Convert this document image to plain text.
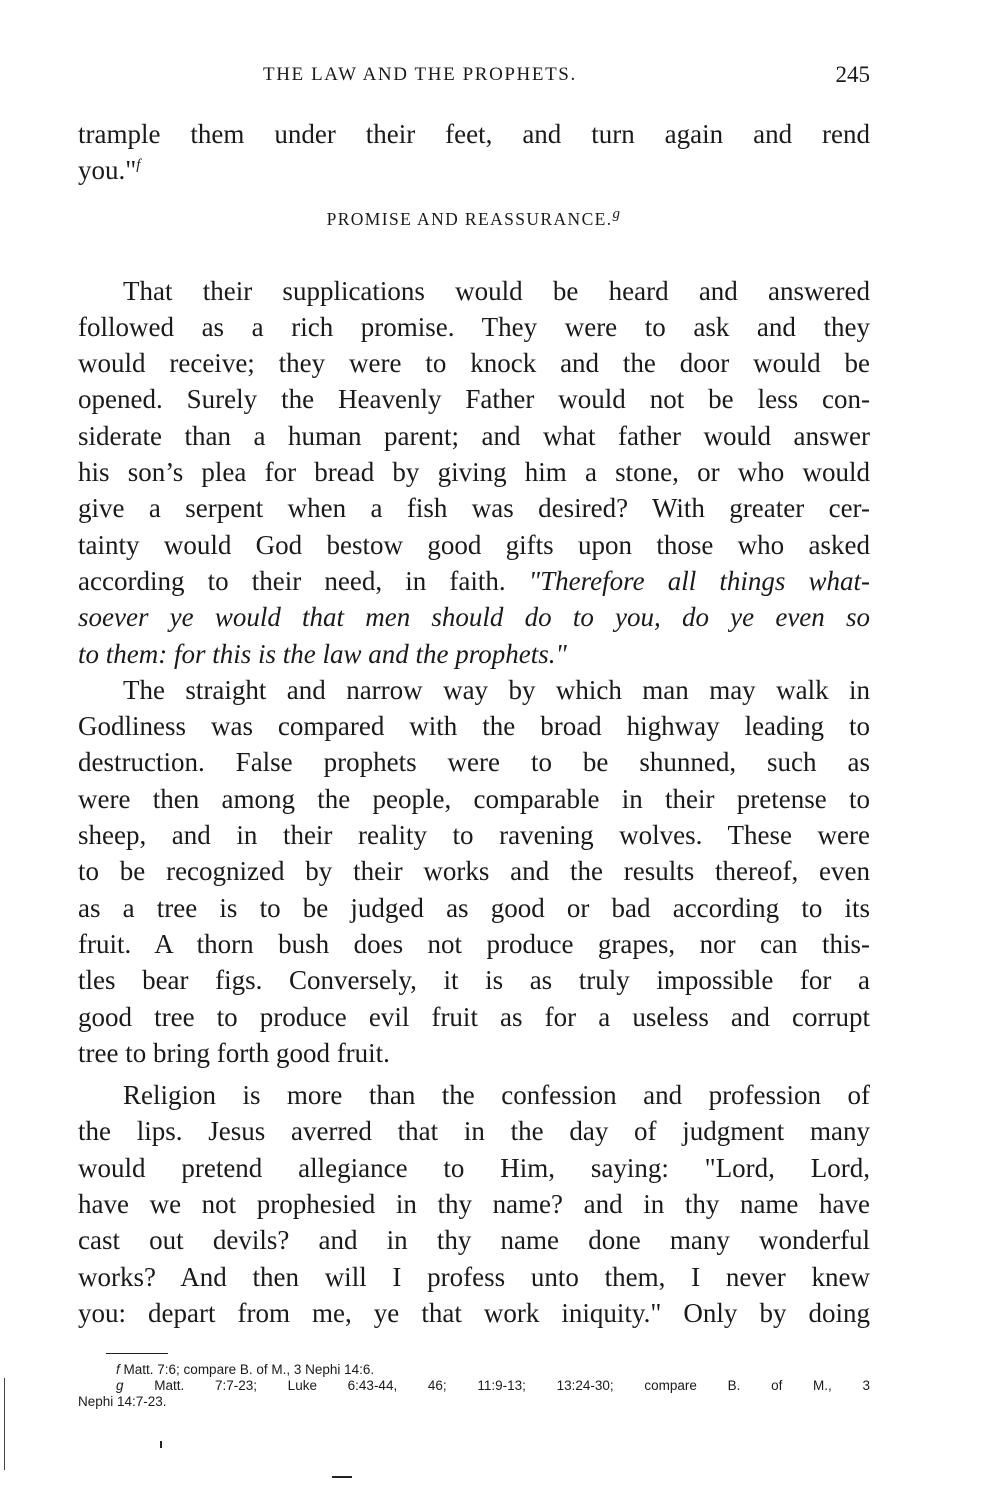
THE LAW AND THE PROPHETS.	245
trample them under their feet, and turn again and rend
you."$^f$
PROMISE AND REASSURANCE.g
That their supplications would be heard and answered
followed as a rich promise. They were to ask and they
would receive; they were to knock and the door would be
opened. Surely the Heavenly Father would not be less con-
siderate than a human parent; and what father would answer
his son’s plea for bread by giving him a stone, or who would
give a serpent when a fish was desired? With greater cer-
tainty would God bestow good gifts upon those who asked
according to their need, in faith. "Therefore all things what-
soever ye would that men should do to you, do ye even so
to them: for this is the law and the prophets."
The straight and narrow way by which man may walk in
Godliness was compared with the broad highway leading to
destruction. False prophets were to be shunned, such as
were then among the people, comparable in their pretense to
sheep, and in their reality to ravening wolves. These were
to be recognized by their works and the results thereof, even
as a tree is to be judged as good or bad according to its
fruit. A thorn bush does not produce grapes, nor can this-
tles bear figs. Conversely, it is as truly impossible for a
good tree to produce evil fruit as for a useless and corrupt
tree to bring forth good fruit.
Religion is more than the confession and profession of
the lips. Jesus averred that in the day of judgment many
would pretend allegiance to Him, saying: "Lord, Lord,
have we not prophesied in thy name? and in thy name have
cast out devils? and in thy name done many wonderful
works? And then will I profess unto them, I never knew
you: depart from me, ye that work iniquity." Only by doing
f Matt. 7:6; compare B. of M., 3 Nephi 14:6.
g Matt. 7:7-23; Luke 6:43-44, 46; 11:9-13; 13:24-30; compare B. of M., 3
Nephi 14:7-23.
